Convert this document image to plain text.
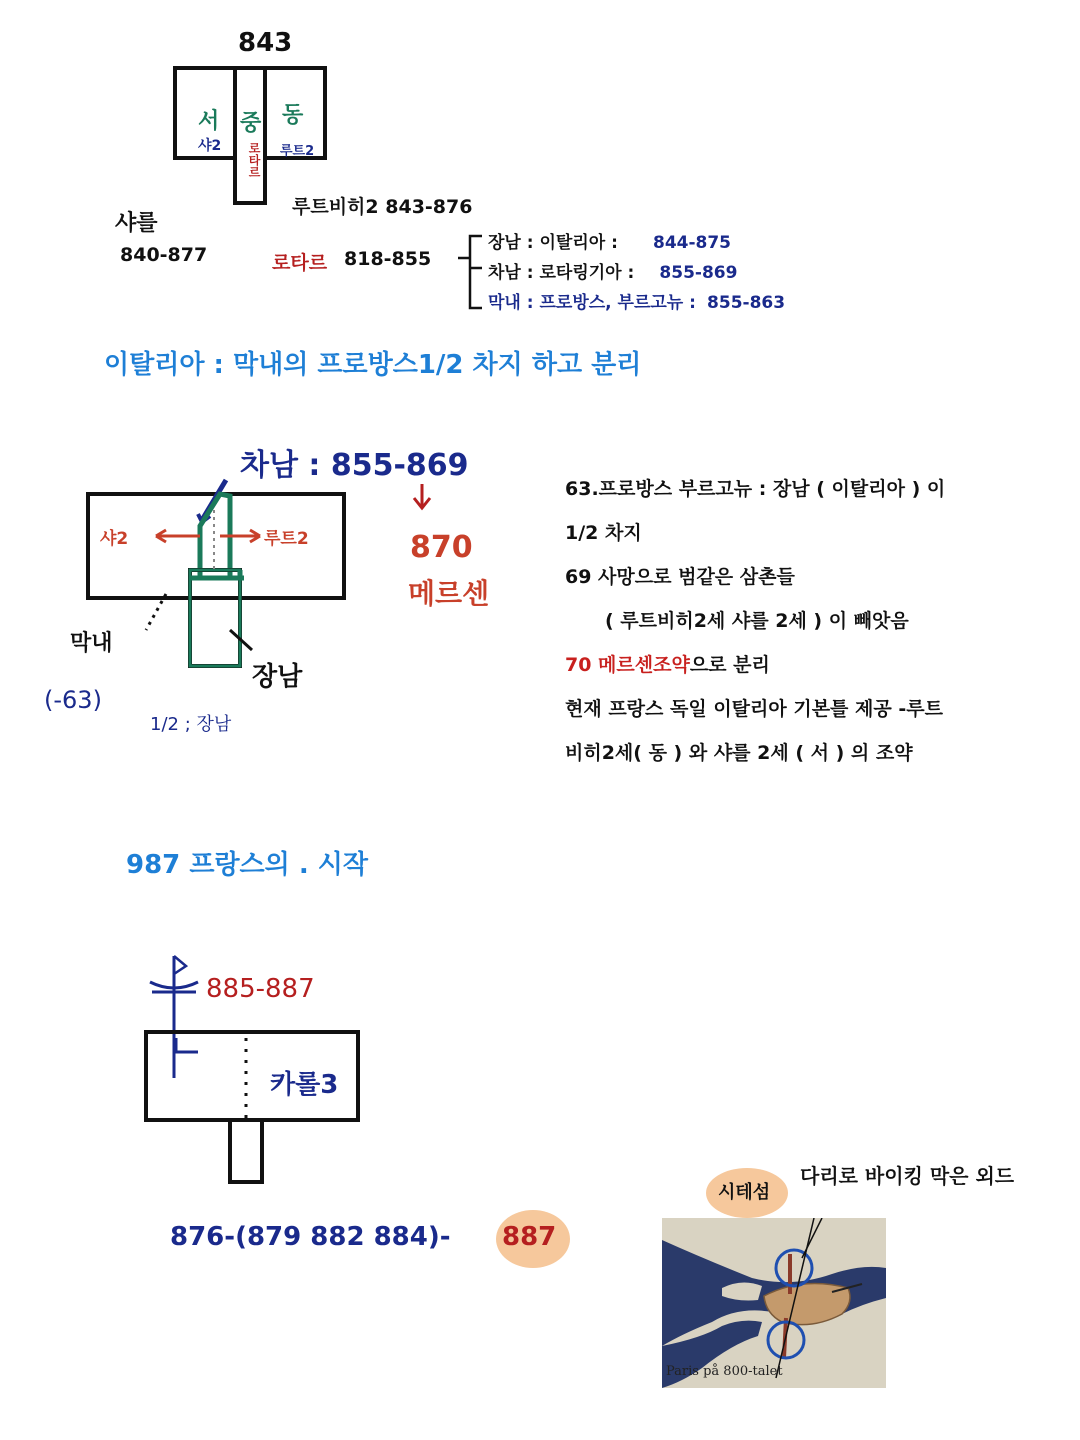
843
서
샤2
중
로타르
동
루트2
샤를
840-877
루트비히2 843-876
로타르 818-855
장남 : 이탈리아 : 844-875
차남 : 로타링기아 : 855-869
막내 : 프로방스, 부르고뉴 : 855-863
이탈리아 : 막내의 프로방스1/2 차지 하고 분리
차남 : 855-869
샤2	루트2	870
메르센
막내
장남
(-63)
1/2 ; 장남
63.프로방스 부르고뉴 : 장남 ( 이탈리아 ) 이
1/2 차지
69 사망으로 범같은 삼촌들
( 루트비히2세 샤를 2세 ) 이 빼앗음
70 메르센조약으로 분리
현재 프랑스 독일 이탈리아 기본틀 제공 -루트
비히2세( 동 ) 와 샤를 2세 ( 서 ) 의 조약
987 프랑스의 . 시작
885-887
카롤3
876-(879 882 884)- 887
시테섬
다리로 바이킹 막은 외드
Paris på 800-talet
